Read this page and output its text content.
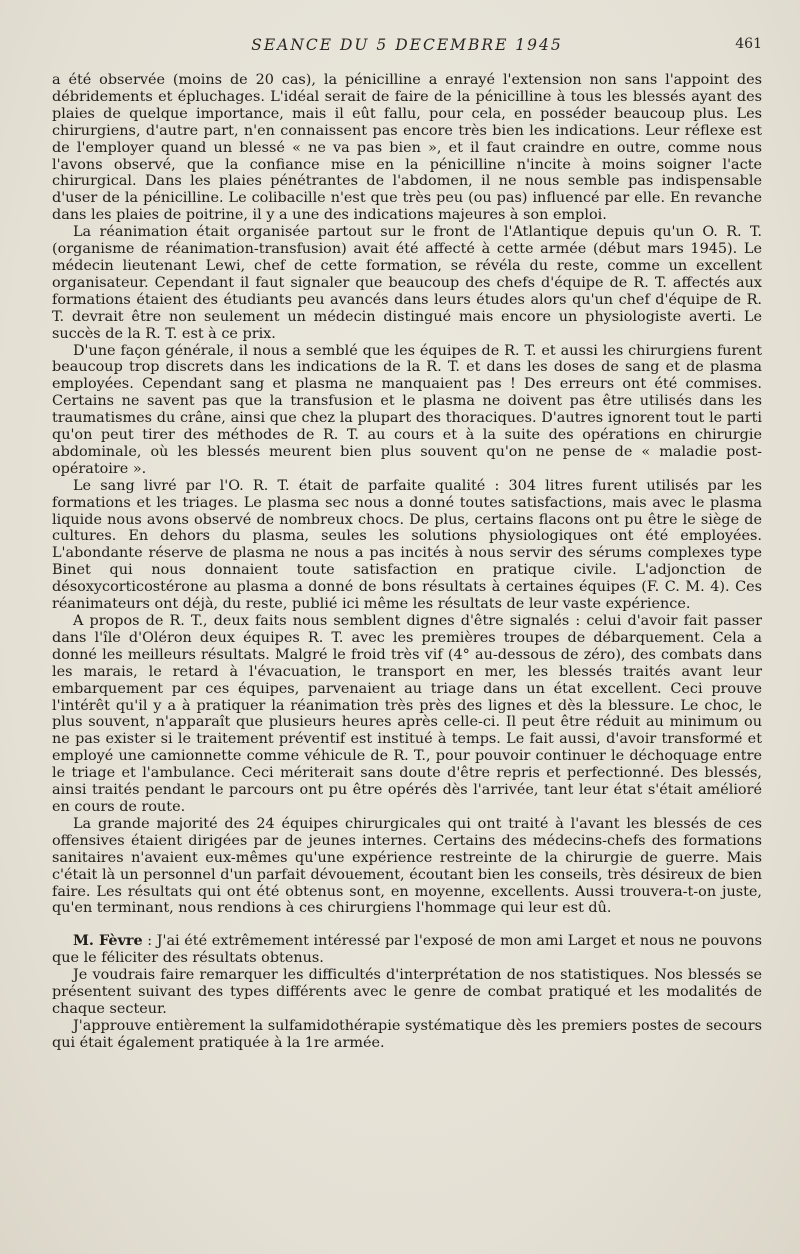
SEANCE DU 5 DECEMBRE 1945	461

a été observée (moins de 20 cas), la pénicilline a enrayé l'extension non sans l'appoint des débridements et épluchages. L'idéal serait de faire de la pénicilline à tous les blessés ayant des plaies de quelque importance, mais il eût fallu, pour cela, en posséder beaucoup plus. Les chirurgiens, d'autre part, n'en connaissent pas encore très bien les indications. Leur réflexe est de l'employer quand un blessé « ne va pas bien », et il faut craindre en outre, comme nous l'avons observé, que la confiance mise en la pénicilline n'incite à moins soigner l'acte chirurgical. Dans les plaies pénétrantes de l'abdomen, il ne nous semble pas indispensable d'user de la pénicilline. Le colibacille n'est que très peu (ou pas) influencé par elle. En revanche dans les plaies de poitrine, il y a une des indications majeures à son emploi.

La réanimation était organisée partout sur le front de l'Atlantique depuis qu'un O. R. T. (organisme de réanimation-transfusion) avait été affecté à cette armée (début mars 1945). Le médecin lieutenant Lewi, chef de cette formation, se révéla du reste, comme un excellent organisateur. Cependant il faut signaler que beaucoup des chefs d'équipe de R. T. affectés aux formations étaient des étudiants peu avancés dans leurs études alors qu'un chef d'équipe de R. T. devrait être non seulement un médecin distingué mais encore un physiologiste averti. Le succès de la R. T. est à ce prix.

D'une façon générale, il nous a semblé que les équipes de R. T. et aussi les chirurgiens furent beaucoup trop discrets dans les indications de la R. T. et dans les doses de sang et de plasma employées. Cependant sang et plasma ne manquaient pas ! Des erreurs ont été commises. Certains ne savent pas que la transfusion et le plasma ne doivent pas être utilisés dans les traumatismes du crâne, ainsi que chez la plupart des thoraciques. D'autres ignorent tout le parti qu'on peut tirer des méthodes de R. T. au cours et à la suite des opérations en chirurgie abdominale, où les blessés meurent bien plus souvent qu'on ne pense de « maladie post-opératoire ».

Le sang livré par l'O. R. T. était de parfaite qualité : 304 litres furent utilisés par les formations et les triages. Le plasma sec nous a donné toutes satisfactions, mais avec le plasma liquide nous avons observé de nombreux chocs. De plus, certains flacons ont pu être le siège de cultures. En dehors du plasma, seules les solutions physiologiques ont été employées. L'abondante réserve de plasma ne nous a pas incités à nous servir des sérums complexes type Binet qui nous donnaient toute satisfaction en pratique civile. L'adjonction de désoxycorticostérone au plasma a donné de bons résultats à certaines équipes (F. C. M. 4). Ces réanimateurs ont déjà, du reste, publié ici même les résultats de leur vaste expérience.

A propos de R. T., deux faits nous semblent dignes d'être signalés : celui d'avoir fait passer dans l'île d'Oléron deux équipes R. T. avec les premières troupes de débarquement. Cela a donné les meilleurs résultats. Malgré le froid très vif (4° au-dessous de zéro), des combats dans les marais, le retard à l'évacuation, le transport en mer, les blessés traités avant leur embarquement par ces équipes, parvenaient au triage dans un état excellent. Ceci prouve l'intérêt qu'il y a à pratiquer la réanimation très près des lignes et dès la blessure. Le choc, le plus souvent, n'apparaît que plusieurs heures après celle-ci. Il peut être réduit au minimum ou ne pas exister si le traitement préventif est institué à temps. Le fait aussi, d'avoir transformé et employé une camionnette comme véhicule de R. T., pour pouvoir continuer le déchoquage entre le triage et l'ambulance. Ceci mériterait sans doute d'être repris et perfectionné. Des blessés, ainsi traités pendant le parcours ont pu être opérés dès l'arrivée, tant leur état s'était amélioré en cours de route.

La grande majorité des 24 équipes chirurgicales qui ont traité à l'avant les blessés de ces offensives étaient dirigées par de jeunes internes. Certains des médecins-chefs des formations sanitaires n'avaient eux-mêmes qu'une expérience restreinte de la chirurgie de guerre. Mais c'était là un personnel d'un parfait dévouement, écoutant bien les conseils, très désireux de bien faire. Les résultats qui ont été obtenus sont, en moyenne, excellents. Aussi trouvera-t-on juste, qu'en terminant, nous rendions à ces chirurgiens l'hommage qui leur est dû.

M. Fèvre : J'ai été extrêmement intéressé par l'exposé de mon ami Larget et nous ne pouvons que le féliciter des résultats obtenus.

Je voudrais faire remarquer les difficultés d'interprétation de nos statistiques. Nos blessés se présentent suivant des types différents avec le genre de combat pratiqué et les modalités de chaque secteur.

J'approuve entièrement la sulfamidothérapie systématique dès les premiers postes de secours qui était également pratiquée à la 1re armée.
